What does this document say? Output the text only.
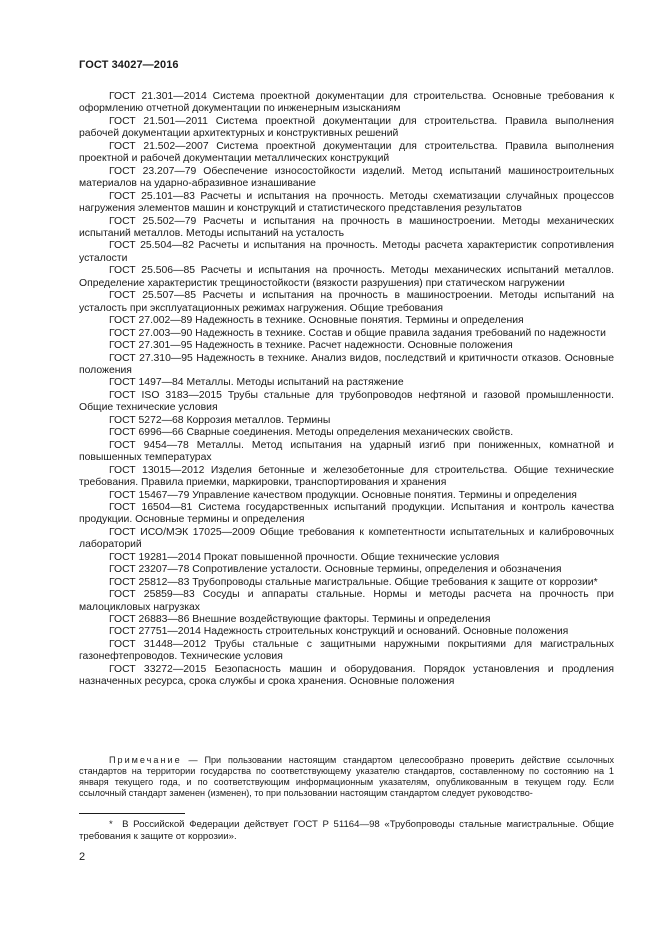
ГОСТ 34027—2016

ГОСТ 21.301—2014 Система проектной документации для строительства. Основные требования к оформлению отчетной документации по инженерным изысканиям

ГОСТ 21.501—2011 Система проектной документации для строительства. Правила выполнения рабочей документации архитектурных и конструктивных решений

ГОСТ 21.502—2007 Система проектной документации для строительства. Правила выполнения проектной и рабочей документации металлических конструкций

ГОСТ 23.207—79 Обеспечение износостойкости изделий. Метод испытаний машиностроительных материалов на ударно-абразивное изнашивание

ГОСТ 25.101—83 Расчеты и испытания на прочность. Методы схематизации случайных процессов нагружения элементов машин и конструкций и статистического представления результатов

ГОСТ 25.502—79 Расчеты и испытания на прочность в машиностроении. Методы механических испытаний металлов. Методы испытаний на усталость

ГОСТ 25.504—82 Расчеты и испытания на прочность. Методы расчета характеристик сопротивления усталости

ГОСТ 25.506—85 Расчеты и испытания на прочность. Методы механических испытаний металлов. Определение характеристик трещиностойкости (вязкости разрушения) при статическом нагружении

ГОСТ 25.507—85 Расчеты и испытания на прочность в машиностроении. Методы испытаний на усталость при эксплуатационных режимах нагружения. Общие требования

ГОСТ 27.002—89 Надежность в технике. Основные понятия. Термины и определения

ГОСТ 27.003—90 Надежность в технике. Состав и общие правила задания требований по надежности

ГОСТ 27.301—95 Надежность в технике. Расчет надежности. Основные положения

ГОСТ 27.310—95 Надежность в технике. Анализ видов, последствий и критичности отказов. Основные положения

ГОСТ 1497—84 Металлы. Методы испытаний на растяжение

ГОСТ ISO 3183—2015 Трубы стальные для трубопроводов нефтяной и газовой промышленности. Общие технические условия

ГОСТ 5272—68 Коррозия металлов. Термины

ГОСТ 6996—66 Сварные соединения. Методы определения механических свойств.

ГОСТ 9454—78 Металлы. Метод испытания на ударный изгиб при пониженных, комнатной и повышенных температурах

ГОСТ 13015—2012 Изделия бетонные и железобетонные для строительства. Общие технические требования. Правила приемки, маркировки, транспортирования и хранения

ГОСТ 15467—79 Управление качеством продукции. Основные понятия. Термины и определения

ГОСТ 16504—81 Система государственных испытаний продукции. Испытания и контроль качества продукции. Основные термины и определения

ГОСТ ИСО/МЭК 17025—2009 Общие требования к компетентности испытательных и калибровочных лабораторий

ГОСТ 19281—2014 Прокат повышенной прочности. Общие технические условия

ГОСТ 23207—78 Сопротивление усталости. Основные термины, определения и обозначения

ГОСТ 25812—83 Трубопроводы стальные магистральные. Общие требования к защите от коррозии*

ГОСТ 25859—83 Сосуды и аппараты стальные. Нормы и методы расчета на прочность при малоцикловых нагрузках

ГОСТ 26883—86 Внешние воздействующие факторы. Термины и определения

ГОСТ 27751—2014 Надежность строительных конструкций и оснований. Основные положения

ГОСТ 31448—2012 Трубы стальные с защитными наружными покрытиями для магистральных газонефтепроводов. Технические условия

ГОСТ 33272—2015 Безопасность машин и оборудования. Порядок установления и продления назначенных ресурса, срока службы и срока хранения. Основные положения

Примечание — При пользовании настоящим стандартом целесообразно проверить действие ссылочных стандартов на территории государства по соответствующему указателю стандартов, составленному по состоянию на 1 января текущего года, и по соответствующим информационным указателям, опубликованным в текущем году. Если ссылочный стандарт заменен (изменен), то при пользовании настоящим стандартом следует руководство-

* В Российской Федерации действует ГОСТ Р 51164—98 «Трубопроводы стальные магистральные. Общие требования к защите от коррозии».

2
